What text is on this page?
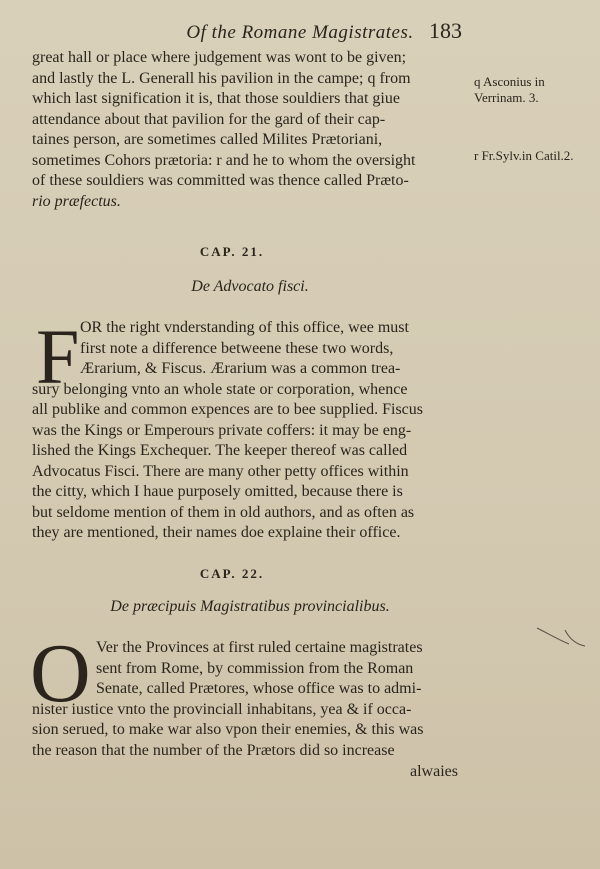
Of the Romane Magistrates. 183
great hall or place where judgement was wont to be given;
and lastly the L. Generall his pavilion in the campe; q from
which last signification it is, that those souldiers that giue
attendance about that pavilion for the gard of their cap-
taines person, are sometimes called Milites Prætoriani,
sometimes Cohors prætoria: r and he to whom the oversight
of these souldiers was committed was thence called Præto-
rio præfectus.
CAP. 21.
De Advocato fisci.
F OR the right vnderstanding of this office, wee must
first note a difference betweene these two words,
Ærarium, & Fiscus. Ærarium was a common trea-
sury belonging vnto an whole state or corporation, whence
all publike and common expences are to bee supplied. Fiscus
was the Kings or Emperours private coffers: it may be eng-
lished the Kings Exchequer. The keeper thereof was called
Advocatus Fisci. There are many other petty offices within
the citty, which I haue purposely omitted, because there is
but seldome mention of them in old authors, and as often as
they are mentioned, their names doe explaine their office.
CAP. 22.
De præcipuis Magistratibus provincialibus.
O Ver the Provinces at first ruled certaine magistrates
sent from Rome, by commission from the Roman
Senate, called Prætores, whose office was to admi-
nister iustice vnto the provinciall inhabitans, yea & if occa-
sion serued, to make war also vpon their enemies, & this was
the reason that the number of the Prætors did so increase
alwaies
q Asconius in Verrinam. 3.
r Fr.Sylv.in Catil.2.
